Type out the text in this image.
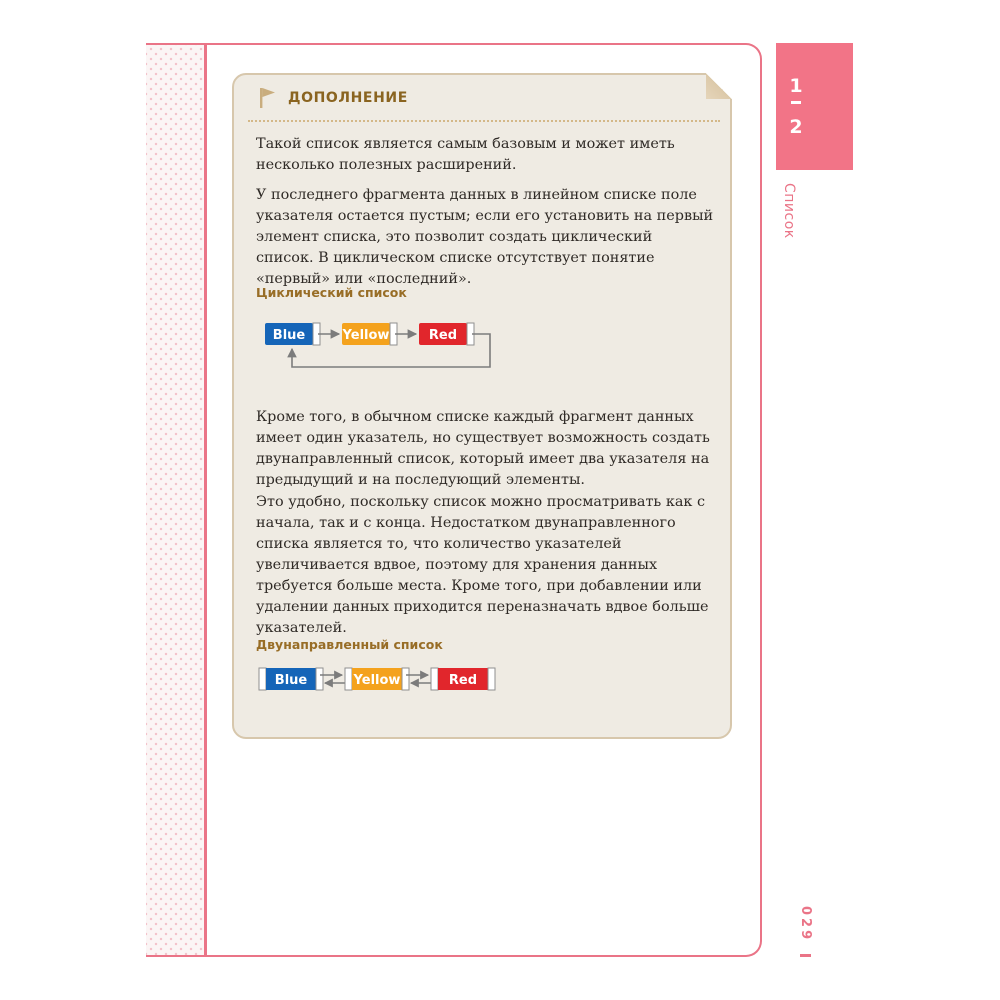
1
2
Список
029
ДОПОЛНЕНИЕ

Такой список является самым базовым и может иметь несколько полезных расширений.

У последнего фрагмента данных в линейном списке поле указателя остается пустым; если его установить на первый элемент списка, это позволит создать циклический список. В циклическом списке отсутствует понятие «первый» или «последний».

Циклический список
Blue	Yellow	Red

Кроме того, в обычном списке каждый фрагмент данных имеет один указатель, но существует возможность создать двунаправленный список, который имеет два указателя на предыдущий и на последующий элементы.

Это удобно, поскольку список можно просматривать как с начала, так и с конца. Недостатком двунаправленного списка является то, что количество указателей увеличивается вдвое, поэтому для хранения данных требуется больше места. Кроме того, при добавлении или удалении данных приходится переназначать вдвое больше указателей.

Двунаправленный список
Blue	Yellow	Red
